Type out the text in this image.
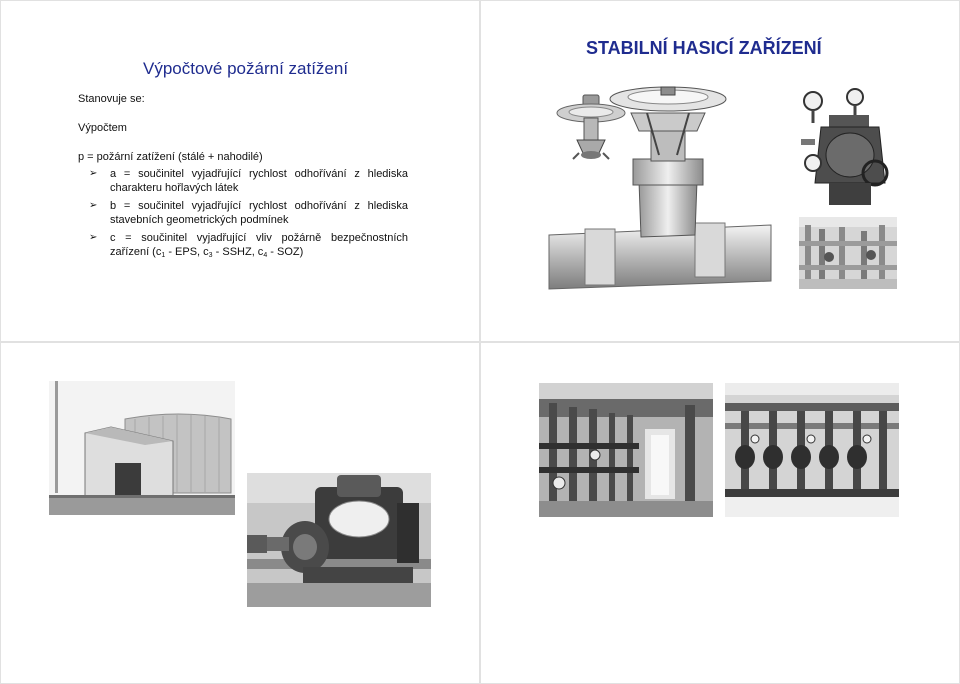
Výpočtové požární zatížení
Stanovuje se:
Výpočtem
p = požární zatížení (stálé + nahodilé)
➢ a = součinitel vyjadřující rychlost odhořívání z hlediska charakteru hořlavých látek
➢ b = součinitel vyjadřující rychlost odhořívání z hlediska stavebních geometrických podmínek
➢ c = součinitel vyjadřující vliv požárně bezpečnostních zařízení ($c_1$ - EPS, $c_3$ - SSHZ, $c_4 - SOZ$)
STABILNÍ HASICÍ ZAŘÍZENÍ
